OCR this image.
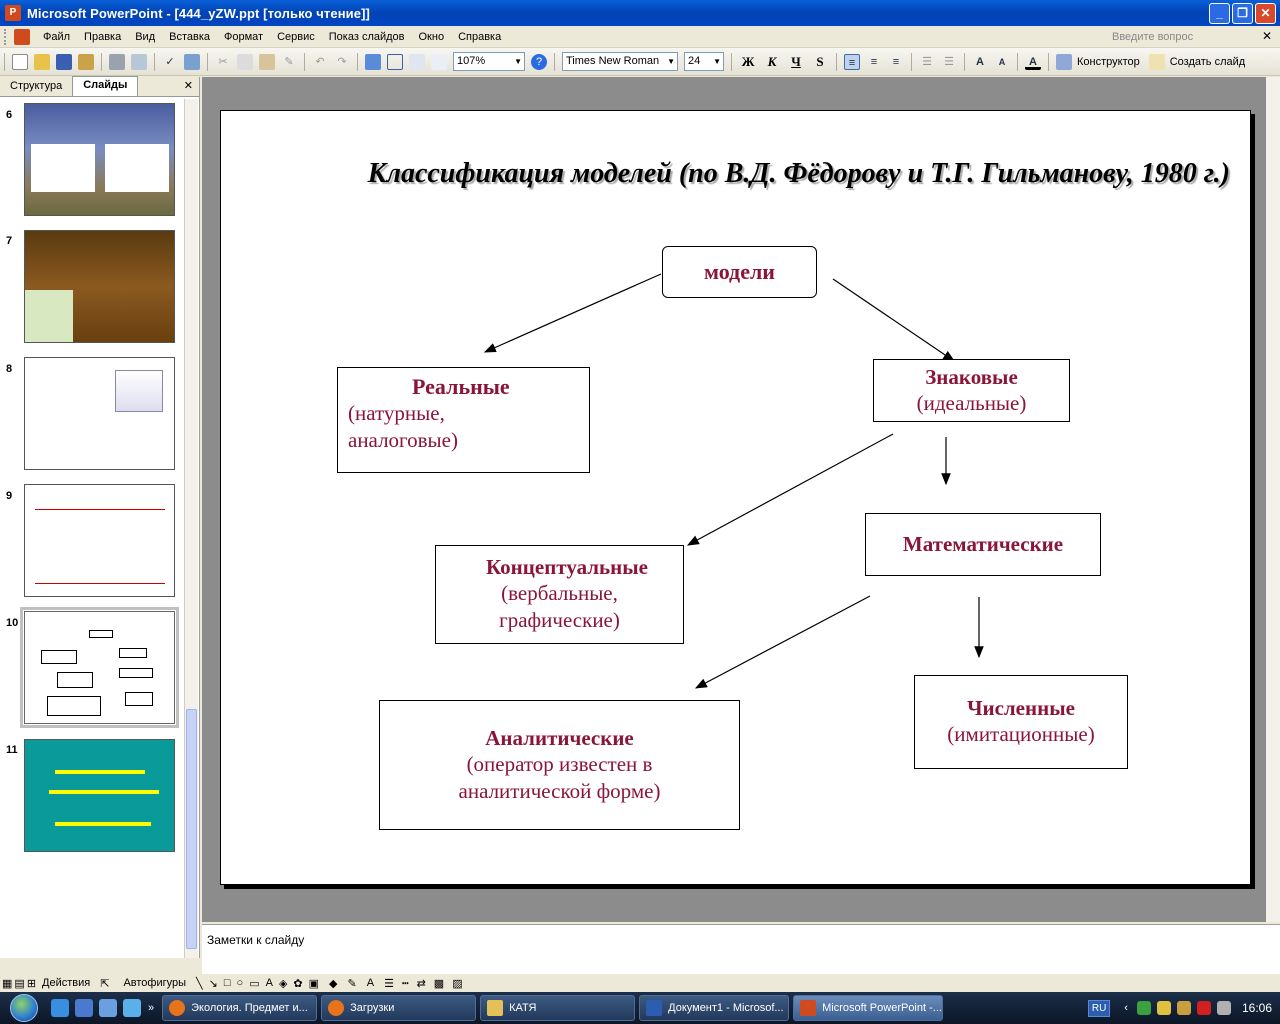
P Microsoft PowerPoint - [444_yZW.ppt [только чтение]]	_	❐	✕
Файл	Правка	Вид	Вставка	Формат	Сервис	Показ слайдов	Окно	Справка	Введите вопрос	✕
✓	✂	✎	↶	↷	107%	▼	?	Times New Roman ▼	24 ▼ Ж	К	Ч	S	≡	≡	≡	☰ ☰	A	A	A	Конструктор	Создать слайд
Структура	Слайды	✕
6
7
8
9
10
11
Классификация моделей (по В.Д. Фёдорову и Т.Г. Гильманову, 1980 г.)
модели
Реальные
(натурные, аналоговые)
Знаковые
(идеальные)
Концептуальные
(вербальные, графические)
Математические
Аналитические
(оператор известен в аналитической форме)
Численные
(имитационные)
Заметки к слайду
▦ ▤ ⊞ Действия ⇱ Автофигуры ╲ ↘ □ ○ ▭ A ◈ ✿ ▣ ◆ ✎ A ☰ ┅ ⇄ ▩ ▨
»	Экология. Предмет и...	Загрузки	КАТЯ	Документ1 - Microsof...	Microsoft PowerPoint -...	RU	‹	16:06
